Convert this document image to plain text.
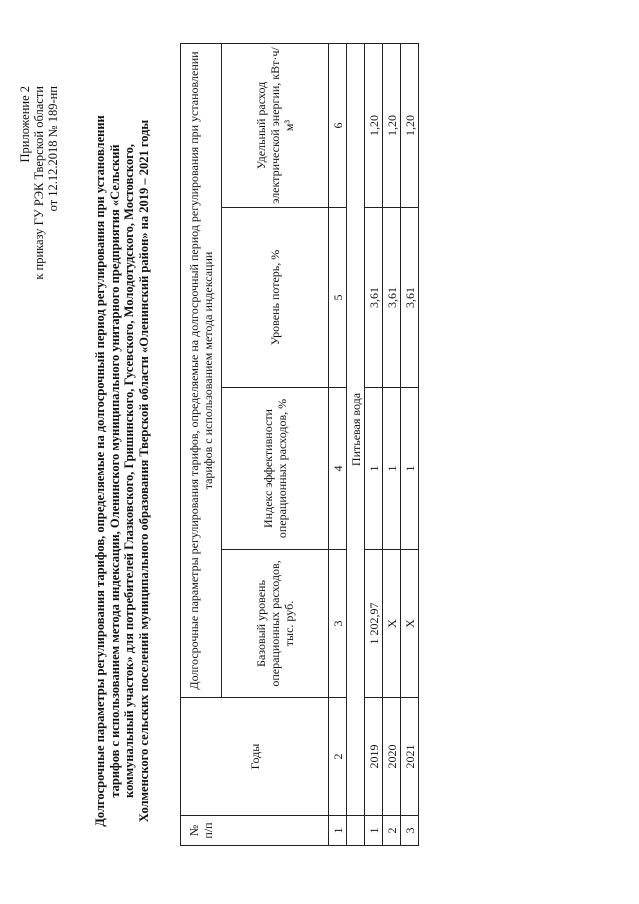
Приложение 2 к приказу ГУ РЭК Тверской области от 12.12.2018 № 189-нп	Долгосрочные параметры регулирования тарифов, определяемые на долгосрочный период регулирования при установлении тарифов с использованием метода индексации, Оленинского муниципального унитарного предприятия «Сельский коммунальный участок» для потребителей Глазковского, Гришинского, Гусевского, Молодотудского, Мостовского, Холменского сельских поселений муниципального образования Тверской области «Оленинский район» на 2019 – 2021 годы
№ п/п	Годы	Долгосрочные параметры регулирования тарифов, определяемые на долгосрочный период регулирования при установлении тарифов с использованием метода индексации			
		Базовый уровень операционных расходов, тыс. руб.	Индекс эффективности операционных расходов, %	Уровень потерь, %	Удельный расход электрической энергии, кВт·ч/м³
1	2	3	4	5	6
	Питьевая вода				
1	2019	1 202,97	1	3,61	1,20
2	2020	Х	1	3,61	1,20
3	2021	Х	1	3,61	1,20
